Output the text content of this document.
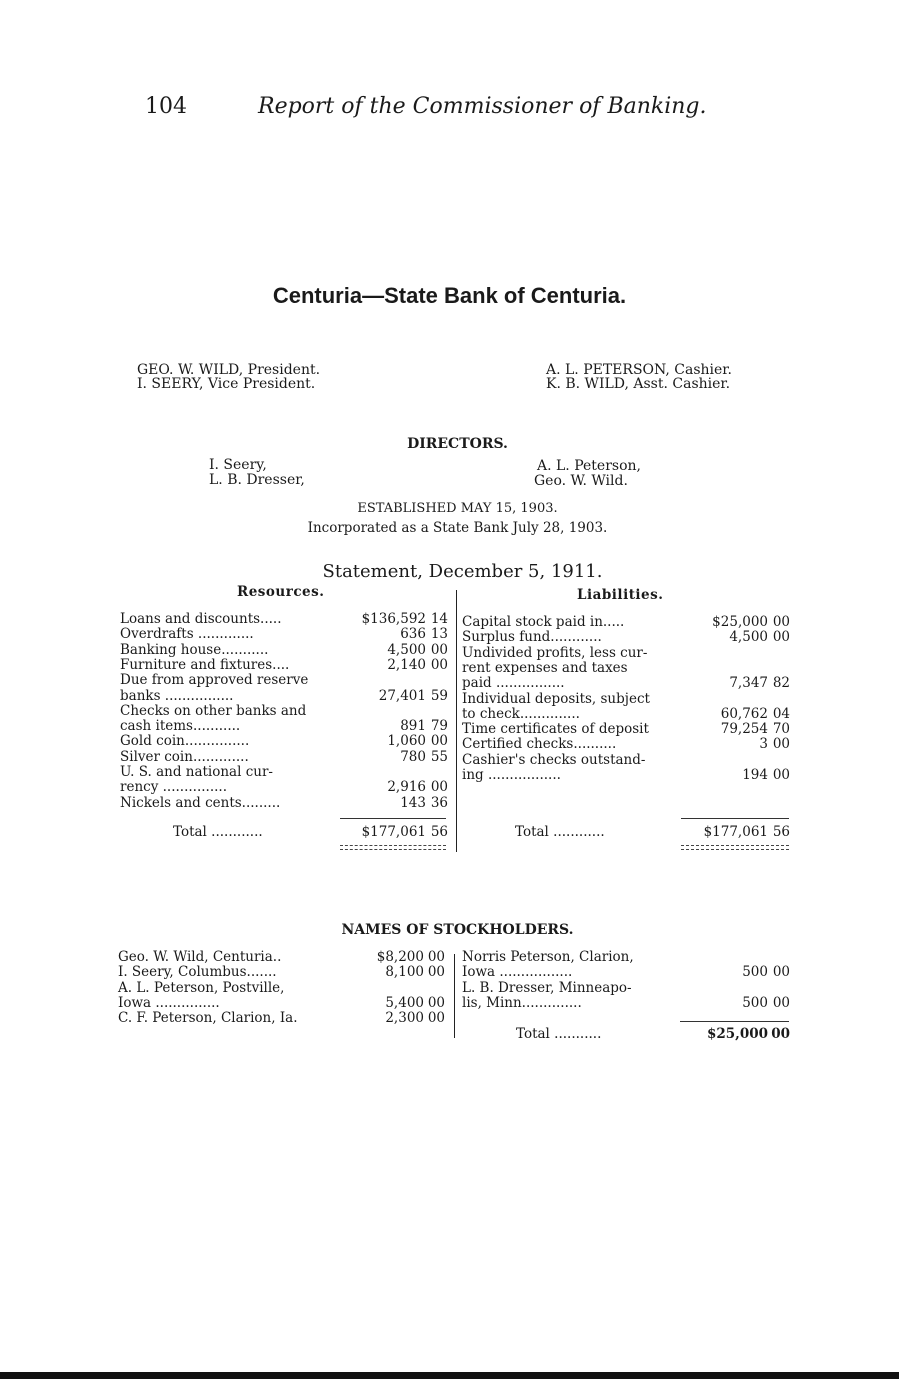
104	Report of the Commissioner of Banking.
Centuria—State Bank of Centuria.
GEO. W. WILD, President.
I. SEERY, Vice President.
A. L. PETERSON, Cashier.
K. B. WILD, Asst. Cashier.
DIRECTORS.
I. Seery,
L. B. Dresser,
A. L. Peterson,
Geo. W. Wild.
ESTABLISHED MAY 15, 1903.
Incorporated as a State Bank July 28, 1903.
Statement, December 5, 1911.
Resources.	Liabilities.
Loans and discounts.....	$136,592 14
Overdrafts .............	636 13
Banking house...........	4,500 00
Furniture and fixtures....	2,140 00
Due from approved reserve
banks ................	27,401 59
Checks on other banks and
cash items...........	891 79
Gold coin...............	1,060 00
Silver coin.............	780 55
U. S. and national cur-
rency ...............	2,916 00
Nickels and cents.........	143 36
Capital stock paid in.....	$25,000 00
Surplus fund............	4,500 00
Undivided profits, less cur-
rent expenses and taxes
paid ................	7,347 82
Individual deposits, subject
to check..............	60,762 04
Time certificates of deposit	79,254 70
Certified checks..........	3 00
Cashier's checks outstand-
ing .................	194 00
Total ............	$177,061 56	Total ............	$177,061 56
NAMES OF STOCKHOLDERS.
Geo. W. Wild, Centuria..	$8,200 00
I. Seery, Columbus.......	8,100 00
A. L. Peterson, Postville,
Iowa ...............	5,400 00
C. F. Peterson, Clarion, Ia.	2,300 00
Norris Peterson, Clarion,
Iowa .................	500 00
L. B. Dresser, Minneapo-
lis, Minn..............	500 00
Total ...........	$25,000 00
